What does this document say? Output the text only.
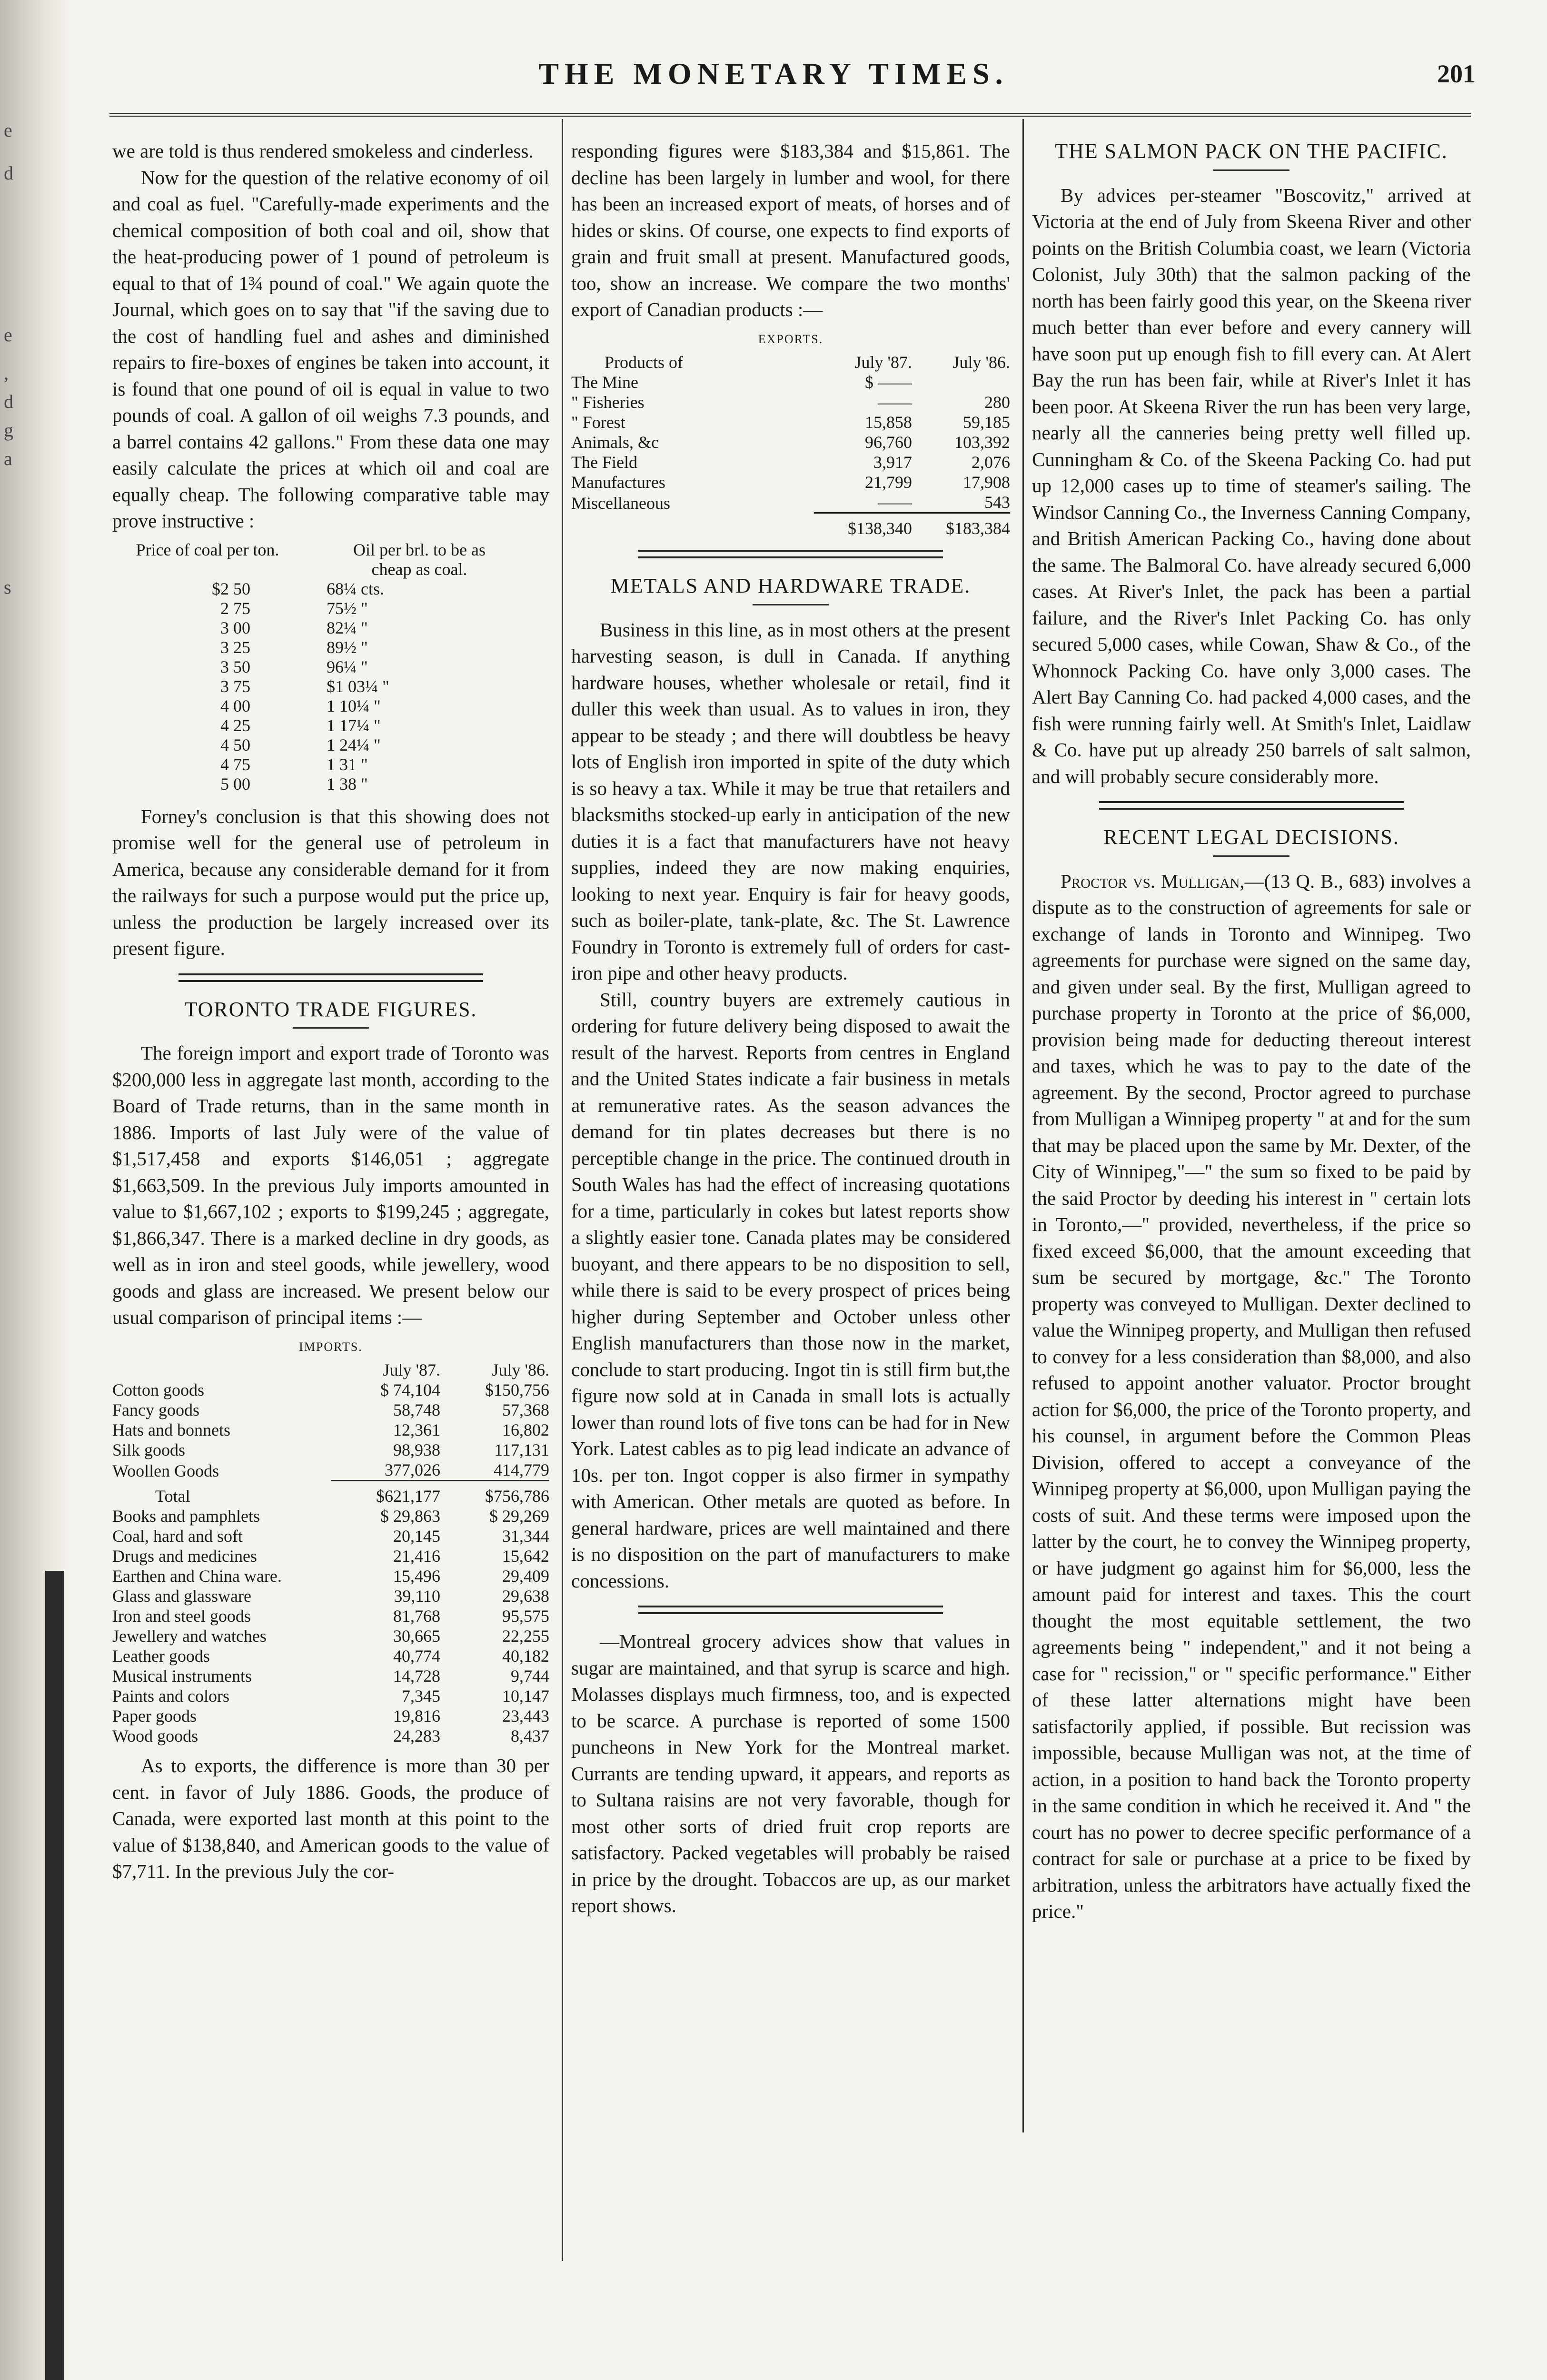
e
d
e
,
d
g
a
s
THE MONETARY TIMES.	201

we are told is thus rendered smokeless and cinderless.

Now for the question of the relative economy of oil and coal as fuel. "Carefully-made experiments and the chemical composition of both coal and oil, show that the heat-producing power of 1 pound of petroleum is equal to that of 1¾ pound of coal." We again quote the Journal, which goes on to say that "if the saving due to the cost of handling fuel and ashes and diminished repairs to fire-boxes of engines be taken into account, it is found that one pound of oil is equal in value to two pounds of coal. A gallon of oil weighs 7.3 pounds, and a barrel contains 42 gallons." From these data one may easily calculate the prices at which oil and coal are equally cheap. The following comparative table may prove instructive :

Price of coal per ton.	Oil per brl. to be as cheap as coal.
$2 50		68¼ cts.
2 75		75½ "
3 00		82¼ "
3 25		89½ "
3 50		96¼ "
3 75		$1 03¼ "
4 00		1 10¼ "
4 25		1 17¼ "
4 50		1 24¼ "
4 75		1 31 "
5 00		1 38 "

Forney's conclusion is that this showing does not promise well for the general use of petroleum in America, because any considerable demand for it from the railways for such a purpose would put the price up, unless the production be largely increased over its present figure.

TORONTO TRADE FIGURES.

The foreign import and export trade of Toronto was $200,000 less in aggregate last month, according to the Board of Trade returns, than in the same month in 1886. Imports of last July were of the value of $1,517,458 and exports $146,051 ; aggregate $1,663,509. In the previous July imports amounted in value to $1,667,102 ; exports to $199,245 ; aggregate, $1,866,347. There is a marked decline in dry goods, as well as in iron and steel goods, while jewellery, wood goods and glass are increased. We present below our usual comparison of principal items :—

IMPORTS.
	July '87.	July '86.
Cotton goods	$ 74,104	$150,756
Fancy goods	58,748	57,368
Hats and bonnets	12,361	16,802
Silk goods	98,938	117,131
Woollen Goods	377,026	414,779
Total	$621,177	$756,786
Books and pamphlets	$ 29,863	$ 29,269
Coal, hard and soft	20,145	31,344
Drugs and medicines	21,416	15,642
Earthen and China ware.	15,496	29,409
Glass and glassware	39,110	29,638
Iron and steel goods	81,768	95,575
Jewellery and watches	30,665	22,255
Leather goods	40,774	40,182
Musical instruments	14,728	9,744
Paints and colors	7,345	10,147
Paper goods	19,816	23,443
Wood goods	24,283	8,437

As to exports, the difference is more than 30 per cent. in favor of July 1886. Goods, the produce of Canada, were exported last month at this point to the value of $138,840, and American goods to the value of $7,711. In the previous July the cor-

responding figures were $183,384 and $15,861. The decline has been largely in lumber and wool, for there has been an increased export of meats, of horses and of hides or skins. Of course, one expects to find exports of grain and fruit small at present. Manufactured goods, too, show an increase. We compare the two months' export of Canadian products :—

EXPORTS.
Products of	July '87.	July '86.
The Mine	$ ——	
" Fisheries	——	280
" Forest	15,858	59,185
Animals, &c	96,760	103,392
The Field	3,917	2,076
Manufactures	21,799	17,908
Miscellaneous	——	543
	$138,340	$183,384
METALS AND HARDWARE TRADE.

Business in this line, as in most others at the present harvesting season, is dull in Canada. If anything hardware houses, whether wholesale or retail, find it duller this week than usual. As to values in iron, they appear to be steady ; and there will doubtless be heavy lots of English iron imported in spite of the duty which is so heavy a tax. While it may be true that retailers and blacksmiths stocked-up early in anticipation of the new duties it is a fact that manufacturers have not heavy supplies, indeed they are now making enquiries, looking to next year. Enquiry is fair for heavy goods, such as boiler-plate, tank-plate, &c. The St. Lawrence Foundry in Toronto is extremely full of orders for cast-iron pipe and other heavy products.

Still, country buyers are extremely cautious in ordering for future delivery being disposed to await the result of the harvest. Reports from centres in England and the United States indicate a fair business in metals at remunerative rates. As the season advances the demand for tin plates decreases but there is no perceptible change in the price. The continued drouth in South Wales has had the effect of increasing quotations for a time, particularly in cokes but latest reports show a slightly easier tone. Canada plates may be considered buoyant, and there appears to be no disposition to sell, while there is said to be every prospect of prices being higher during September and October unless other English manufacturers than those now in the market, conclude to start producing. Ingot tin is still firm but,the figure now sold at in Canada in small lots is actually lower than round lots of five tons can be had for in New York. Latest cables as to pig lead indicate an advance of 10s. per ton. Ingot copper is also firmer in sympathy with American. Other metals are quoted as before. In general hardware, prices are well maintained and there is no disposition on the part of manufacturers to make concessions.

—Montreal grocery advices show that values in sugar are maintained, and that syrup is scarce and high. Molasses displays much firmness, too, and is expected to be scarce. A purchase is reported of some 1500 puncheons in New York for the Montreal market. Currants are tending upward, it appears, and reports as to Sultana raisins are not very favorable, though for most other sorts of dried fruit crop reports are satisfactory. Packed vegetables will probably be raised in price by the drought. Tobaccos are up, as our market report shows.

THE SALMON PACK ON THE PACIFIC.

By advices per-steamer "Boscovitz," arrived at Victoria at the end of July from Skeena River and other points on the British Columbia coast, we learn (Victoria Colonist, July 30th) that the salmon packing of the north has been fairly good this year, on the Skeena river much better than ever before and every cannery will have soon put up enough fish to fill every can. At Alert Bay the run has been fair, while at River's Inlet it has been poor. At Skeena River the run has been very large, nearly all the canneries being pretty well filled up. Cunningham & Co. of the Skeena Packing Co. had put up 12,000 cases up to time of steamer's sailing. The Windsor Canning Co., the Inverness Canning Company, and British American Packing Co., having done about the same. The Balmoral Co. have already secured 6,000 cases. At River's Inlet, the pack has been a partial failure, and the River's Inlet Packing Co. has only secured 5,000 cases, while Cowan, Shaw & Co., of the Whonnock Packing Co. have only 3,000 cases. The Alert Bay Canning Co. had packed 4,000 cases, and the fish were running fairly well. At Smith's Inlet, Laidlaw & Co. have put up already 250 barrels of salt salmon, and will probably secure considerably more.

RECENT LEGAL DECISIONS.

Proctor vs. Mulligan,—(13 Q. B., 683) involves a dispute as to the construction of agreements for sale or exchange of lands in Toronto and Winnipeg. Two agreements for purchase were signed on the same day, and given under seal. By the first, Mulligan agreed to purchase property in Toronto at the price of $6,000, provision being made for deducting thereout interest and taxes, which he was to pay to the date of the agreement. By the second, Proctor agreed to purchase from Mulligan a Winnipeg property " at and for the sum that may be placed upon the same by Mr. Dexter, of the City of Winnipeg,"—" the sum so fixed to be paid by the said Proctor by deeding his interest in " certain lots in Toronto,—" provided, nevertheless, if the price so fixed exceed $6,000, that the amount exceeding that sum be secured by mortgage, &c." The Toronto property was conveyed to Mulligan. Dexter declined to value the Winnipeg property, and Mulligan then refused to convey for a less consideration than $8,000, and also refused to appoint another valuator. Proctor brought action for $6,000, the price of the Toronto property, and his counsel, in argument before the Common Pleas Division, offered to accept a conveyance of the Winnipeg property at $6,000, upon Mulligan paying the costs of suit. And these terms were imposed upon the latter by the court, he to convey the Winnipeg property, or have judgment go against him for $6,000, less the amount paid for interest and taxes. This the court thought the most equitable settlement, the two agreements being " independent," and it not being a case for " recission," or " specific performance." Either of these latter alternations might have been satisfactorily applied, if possible. But recission was impossible, because Mulligan was not, at the time of action, in a position to hand back the Toronto property in the same condition in which he received it. And " the court has no power to decree specific performance of a contract for sale or purchase at a price to be fixed by arbitration, unless the arbitrators have actually fixed the price."
